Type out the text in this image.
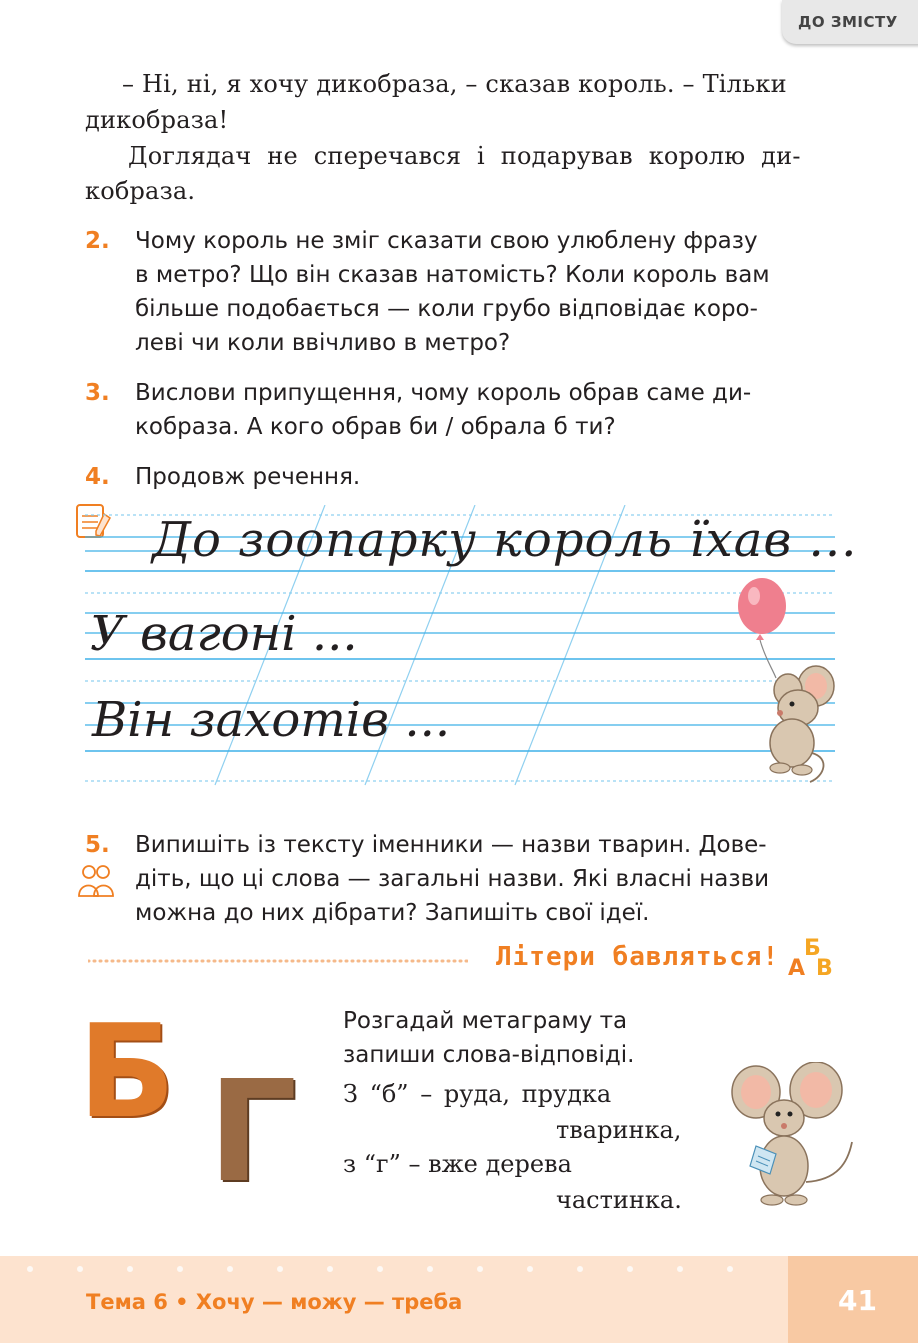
ДО ЗМІСТУ
– Ні, ні, я хочу дикобраза, – сказав король. – Тільки
дикобраза!
Доглядач не сперечався і подарував королю ди-
кобраза.
2. Чому король не зміг сказати свою улюблену фразу
в метро? Що він сказав натомість? Коли король вам
більше подобається — коли грубо відповідає коро-
леві чи коли ввічливо в метро?
3. Вислови припущення, чому король обрав саме ди-
кобраза. А кого обрав би / обрала б ти?
4. Продовж речення.
До зоопарку король їхав ...
У вагоні ...
Він захотів ...
5. Випишіть із тексту іменники — назви тварин. Дове-
діть, що ці слова — загальні назви. Які власні назви
можна до них дібрати? Запишіть свої ідеї.
Літери бавляться! Б
А В
Б Г
Розгадай метаграму та
запиши слова-відповіді.
З “б” – руда, прудка
тваринка,
з “г” – вже дерева
частинка.
Тема 6 • Хочу — можу — треба	41
